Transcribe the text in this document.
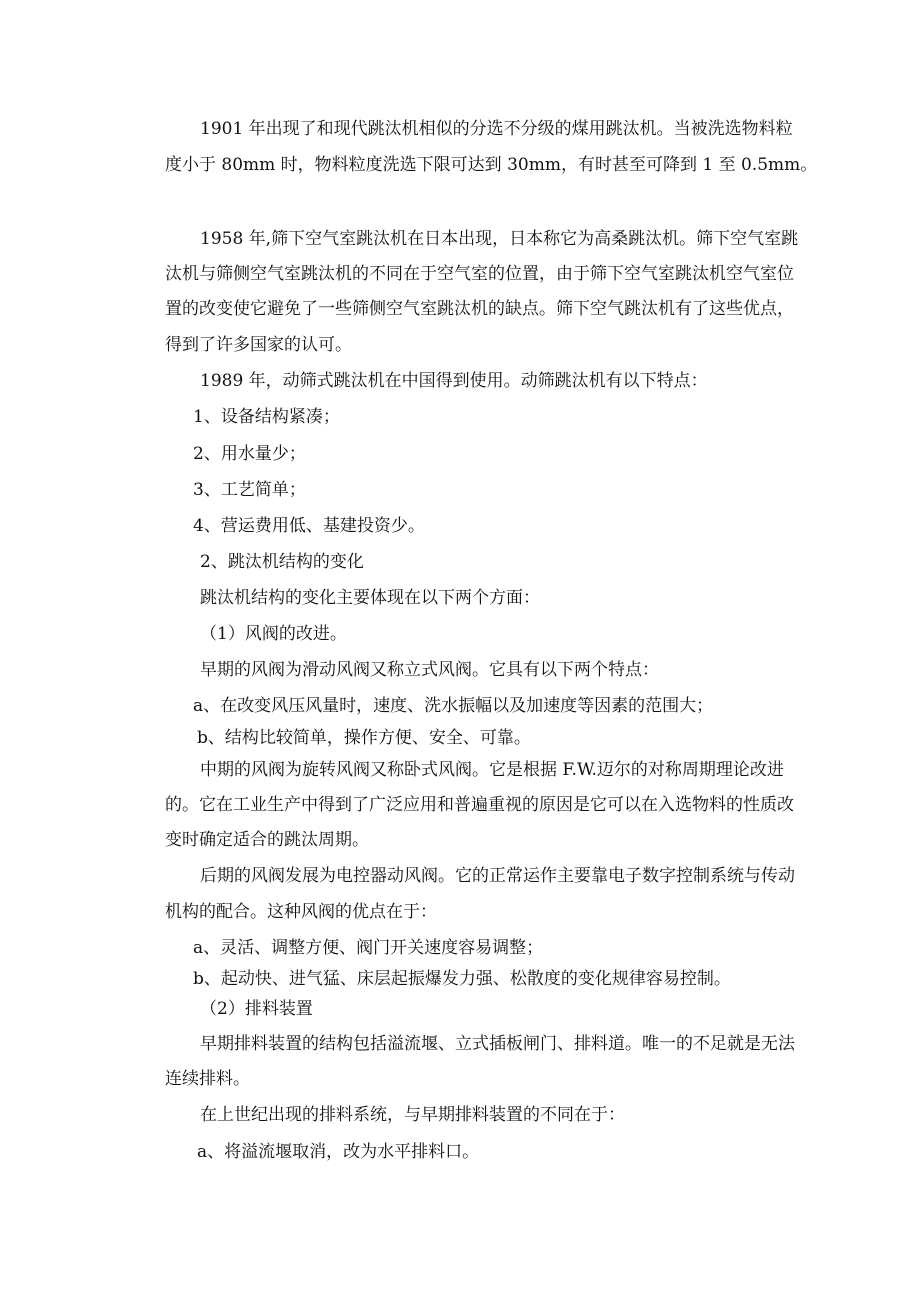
1901 年出现了和现代跳汰机相似的分选不分级的煤用跳汰机。当被洗选物料粒
度小于 80mm 时，物料粒度洗选下限可达到 30mm，有时甚至可降到 1 至 0.5mm。
1958 年,筛下空气室跳汰机在日本出现，日本称它为高桑跳汰机。筛下空气室跳
汰机与筛侧空气室跳汰机的不同在于空气室的位置，由于筛下空气室跳汰机空气室位
置的改变使它避免了一些筛侧空气室跳汰机的缺点。筛下空气跳汰机有了这些优点，
得到了许多国家的认可。
1989 年，动筛式跳汰机在中国得到使用。动筛跳汰机有以下特点：
1、设备结构紧凑；
2、用水量少；
3、工艺简单；
4、营运费用低、基建投资少。
2、跳汰机结构的变化
跳汰机结构的变化主要体现在以下两个方面：
（1）风阀的改进。
早期的风阀为滑动风阀又称立式风阀。它具有以下两个特点：
a、在改变风压风量时，速度、洗水振幅以及加速度等因素的范围大；
b、结构比较简单，操作方便、安全、可靠。
中期的风阀为旋转风阀又称卧式风阀。它是根据 F.W.迈尔的对称周期理论改进
的。它在工业生产中得到了广泛应用和普遍重视的原因是它可以在入选物料的性质改
变时确定适合的跳汰周期。
后期的风阀发展为电控器动风阀。它的正常运作主要靠电子数字控制系统与传动
机构的配合。这种风阀的优点在于：
a、灵活、调整方便、阀门开关速度容易调整；
b、起动快、进气猛、床层起振爆发力强、松散度的变化规律容易控制。
（2）排料装置
早期排料装置的结构包括溢流堰、立式插板闸门、排料道。唯一的不足就是无法
连续排料。
在上世纪出现的排料系统，与早期排料装置的不同在于：
a、将溢流堰取消，改为水平排料口。
